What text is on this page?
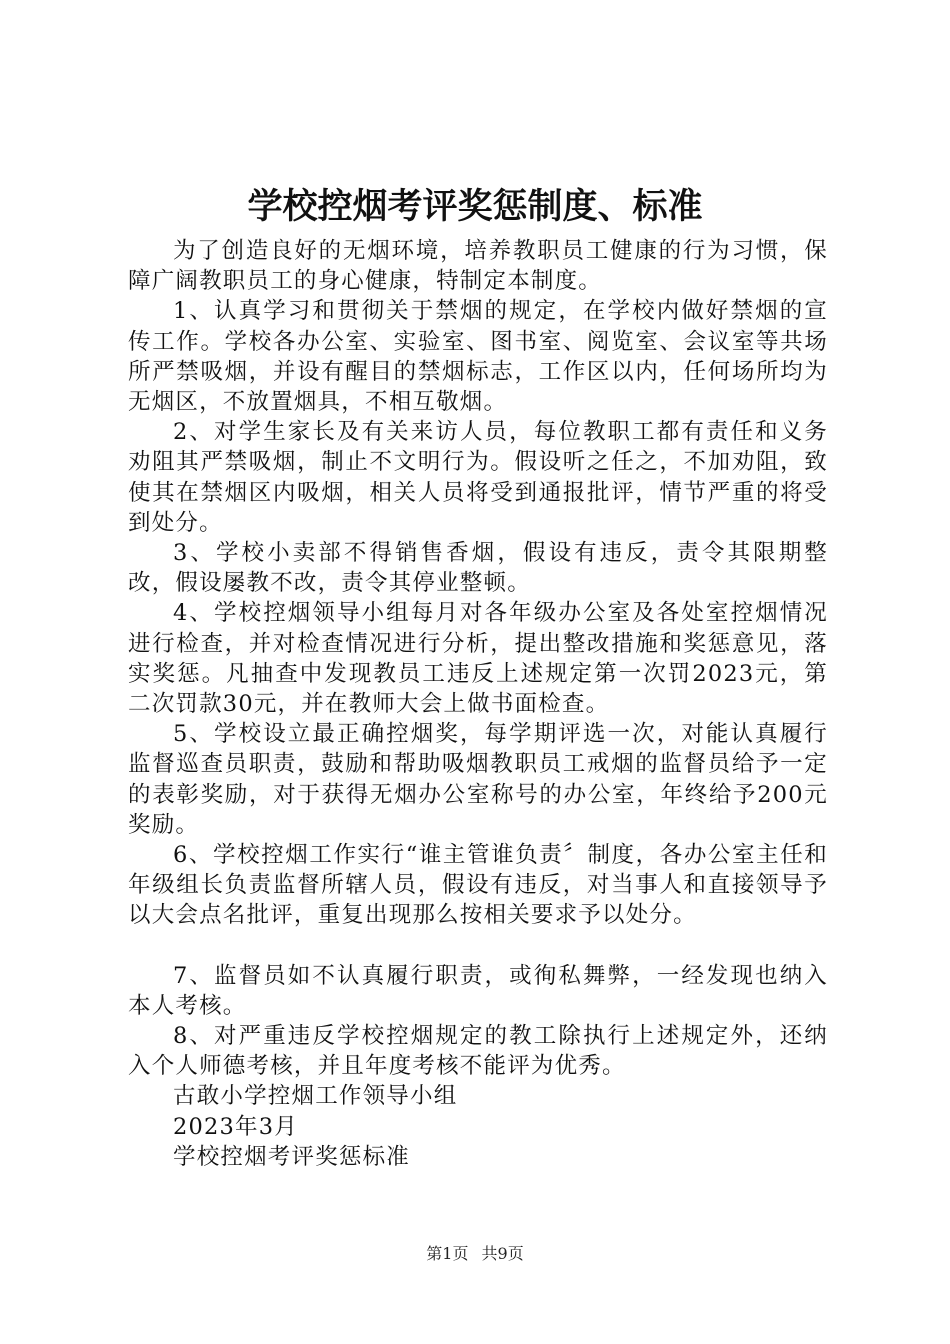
学校控烟考评奖惩制度、标准

为了创造良好的无烟环境，培养教职员工健康的行为习惯，保障广阔教职员工的身心健康，特制定本制度。

1、认真学习和贯彻关于禁烟的规定，在学校内做好禁烟的宣传工作。学校各办公室、实验室、图书室、阅览室、会议室等共场所严禁吸烟，并设有醒目的禁烟标志，工作区以内，任何场所均为无烟区，不放置烟具，不相互敬烟。

2、对学生家长及有关来访人员，每位教职工都有责任和义务劝阻其严禁吸烟，制止不文明行为。假设听之任之，不加劝阻，致使其在禁烟区内吸烟，相关人员将受到通报批评，情节严重的将受到处分。

3、学校小卖部不得销售香烟，假设有违反，责令其限期整改，假设屡教不改，责令其停业整顿。

4、学校控烟领导小组每月对各年级办公室及各处室控烟情况进行检查，并对检查情况进行分析，提出整改措施和奖惩意见，落实奖惩。凡抽查中发现教员工违反上述规定第一次罚2023元，第二次罚款30元，并在教师大会上做书面检查。

5、学校设立最正确控烟奖，每学期评选一次，对能认真履行监督巡查员职责，鼓励和帮助吸烟教职员工戒烟的监督员给予一定的表彰奖励，对于获得无烟办公室称号的办公室，年终给予200元奖励。

6、学校控烟工作实行“谁主管谁负责〞制度，各办公室主任和年级组长负责监督所辖人员，假设有违反，对当事人和直接领导予以大会点名批评，重复出现那么按相关要求予以处分。

7、监督员如不认真履行职责，或徇私舞弊，一经发现也纳入本人考核。

8、对严重违反学校控烟规定的教工除执行上述规定外，还纳入个人师德考核，并且年度考核不能评为优秀。

古敢小学控烟工作领导小组
2023年3月
学校控烟考评奖惩标准
第1页 共9页
